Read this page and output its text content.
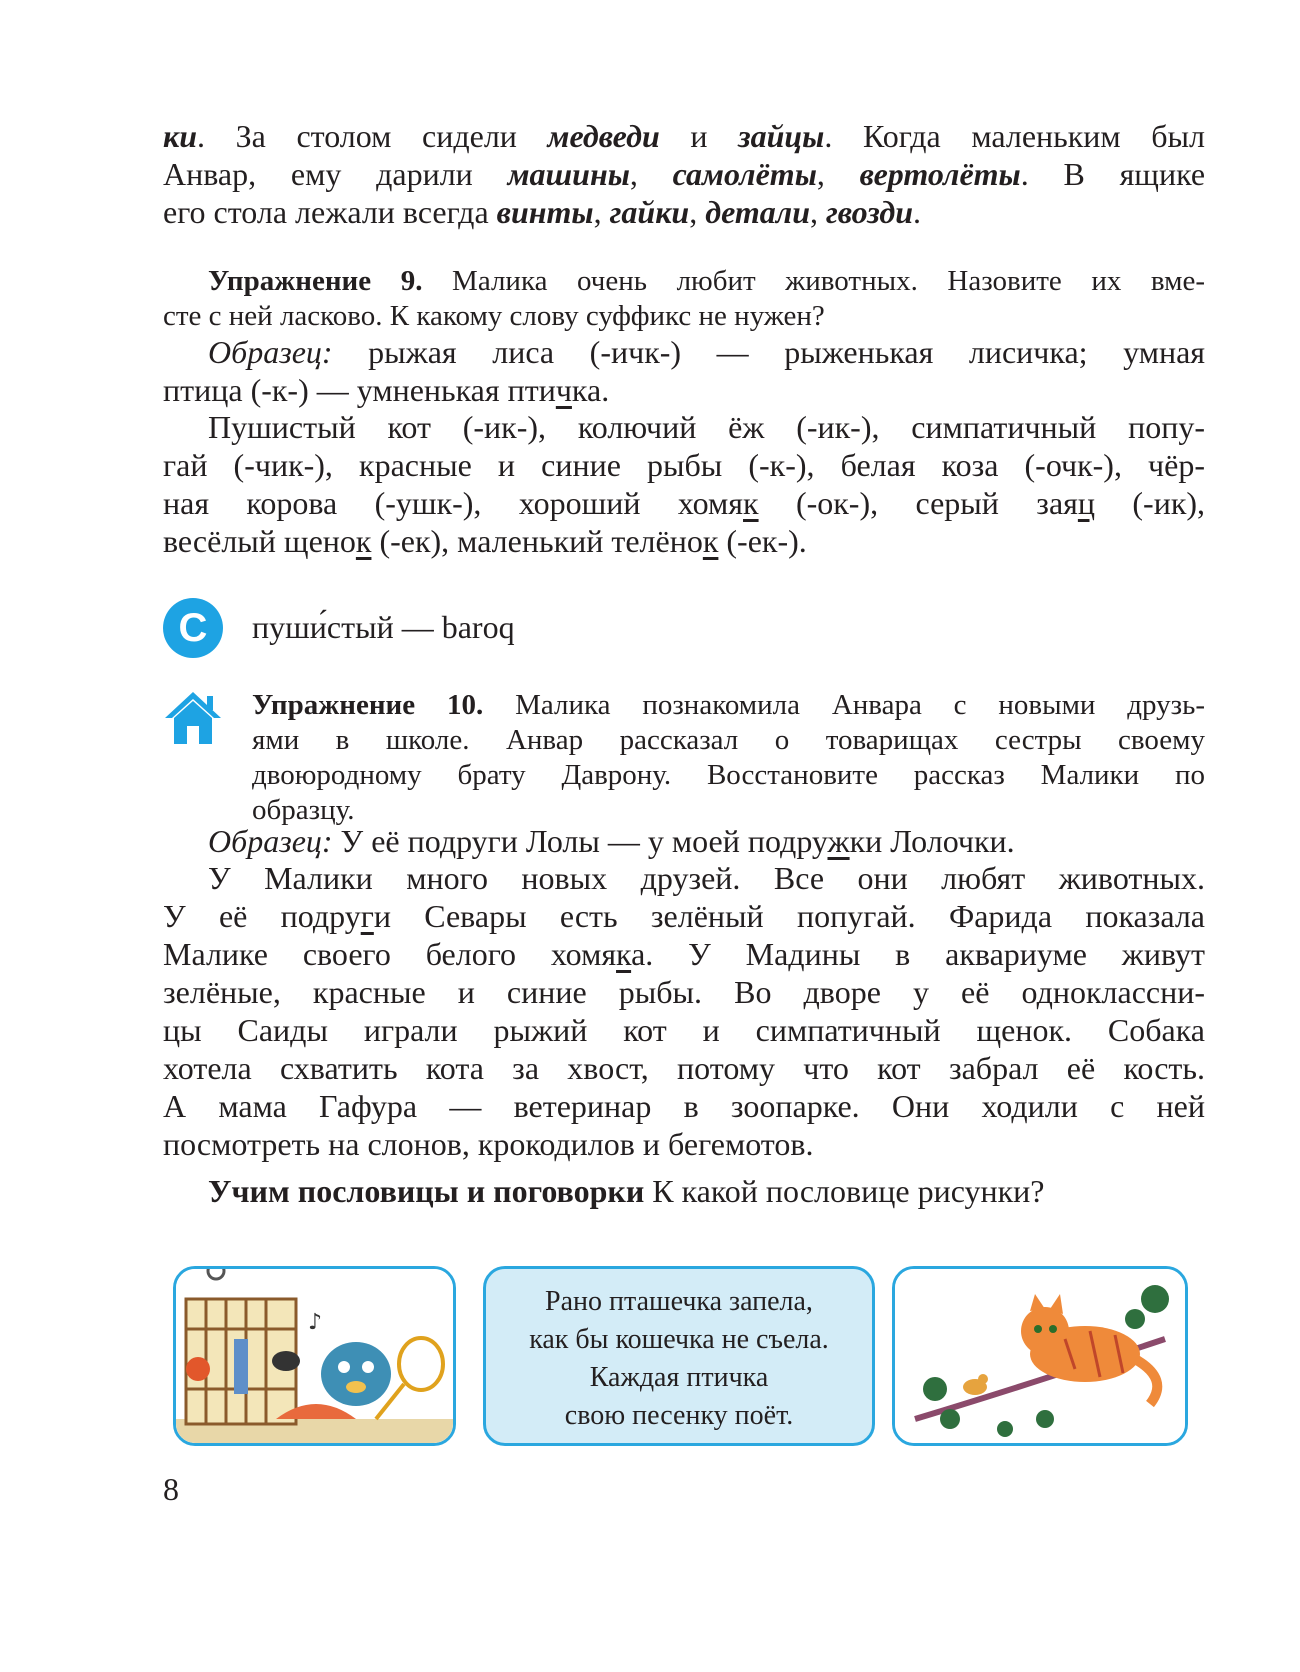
ки. За столом сидели медведи и зайцы. Когда маленьким был
Анвар, ему дарили машины, самолёты, вертолёты. В ящике
его стола лежали всегда винты, гайки, детали, гвозди.
Упражнение 9. Малика очень любит животных. Назовите их вме-
сте с ней ласково. К какому слову суффикс не нужен?
Образец: рыжая лиса (-ичк-) — рыженькая лисичка; умная
птица (-к-) — умненькая птичка.
Пушистый кот (-ик-), колючий ёж (-ик-), симпатичный попу-
гай (-чик-), красные и синие рыбы (-к-), белая коза (-очк-), чёр-
ная корова (-ушк-), хороший хомяк (-ок-), серый заяц (-ик),
весёлый щенок (-ек), маленький телёнок (-ек-).
C	пуши́стый — baroq
Упражнение 10. Малика познакомила Анвара с новыми друзь-
ями в школе. Анвар рассказал о товарищах сестры своему
двоюродному брату Даврону. Восстановите рассказ Малики по
образцу.
Образец: У её подруги Лолы — у моей подружки Лолочки.
У Малики много новых друзей. Все они любят животных.
У её подруги Севары есть зелёный попугай. Фарида показала
Малике своего белого хомяка. У Мадины в аквариуме живут
зелёные, красные и синие рыбы. Во дворе у её одноклассни-
цы Саиды играли рыжий кот и симпатичный щенок. Собака
хотела схватить кота за хвост, потому что кот забрал её кость.
А мама Гафура — ветеринар в зоопарке. Они ходили с ней
посмотреть на слонов, крокодилов и бегемотов.
Учим пословицы и поговорки К какой пословице рисунки?
♪
Рано пташечка запела,
как бы кошечка не съела.
Каждая птичка
свою песенку поёт.
8
